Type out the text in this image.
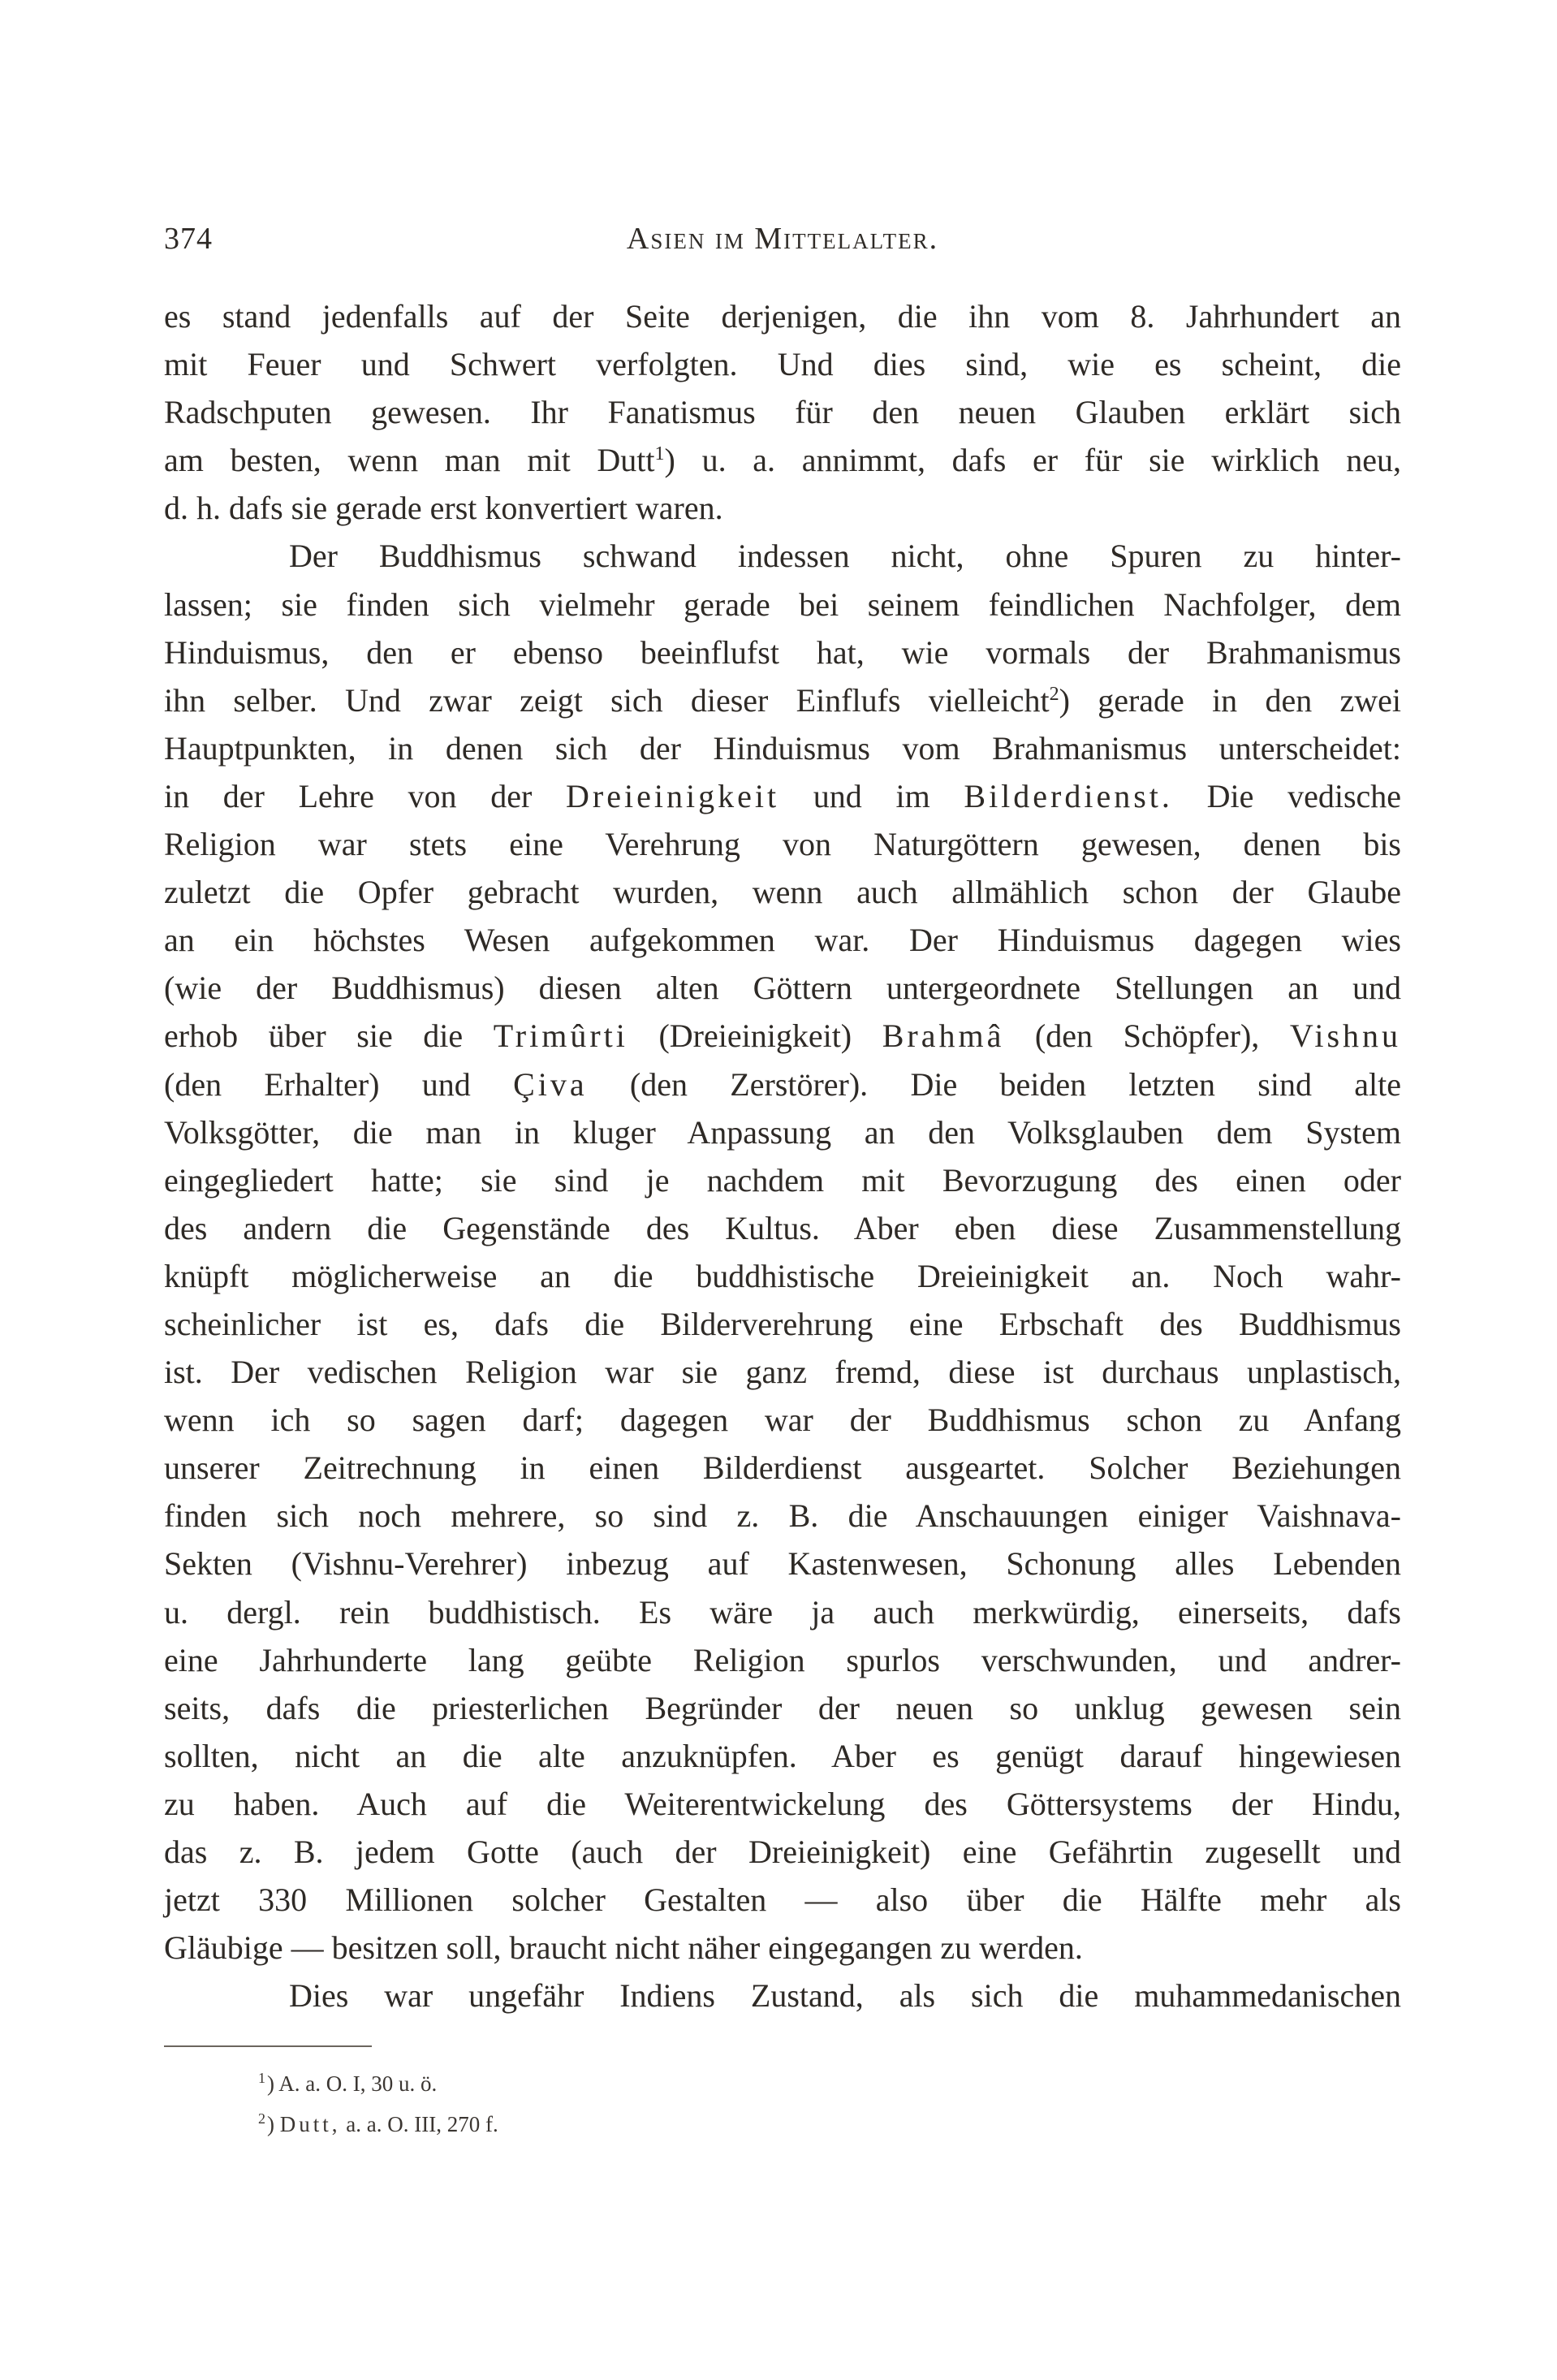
374	Asien im Mittelalter.
es stand jedenfalls auf der Seite derjenigen, die ihn vom 8. Jahrhundert an
mit Feuer und Schwert verfolgten. Und dies sind, wie es scheint, die
Radschputen gewesen. Ihr Fanatismus für den neuen Glauben erklärt sich
am besten, wenn man mit Dutt$^1$) u. a. annimmt, dafs er für sie wirklich neu,
d. h. dafs sie gerade erst konvertiert waren.
Der Buddhismus schwand indessen nicht, ohne Spuren zu hinter-
lassen; sie finden sich vielmehr gerade bei seinem feindlichen Nachfolger, dem
Hinduismus, den er ebenso beeinflufst hat, wie vormals der Brahmanismus
ihn selber. Und zwar zeigt sich dieser Einflufs vielleicht$^2$) gerade in den zwei
Hauptpunkten, in denen sich der Hinduismus vom Brahmanismus unterscheidet:
in der Lehre von der Dreieinigkeit und im Bilderdienst. Die vedische
Religion war stets eine Verehrung von Naturgöttern gewesen, denen bis
zuletzt die Opfer gebracht wurden, wenn auch allmählich schon der Glaube
an ein höchstes Wesen aufgekommen war. Der Hinduismus dagegen wies
(wie der Buddhismus) diesen alten Göttern untergeordnete Stellungen an und
erhob über sie die Trimûrti (Dreieinigkeit) Brahmâ (den Schöpfer), Vishnu
(den Erhalter) und Çiva (den Zerstörer). Die beiden letzten sind alte
Volksgötter, die man in kluger Anpassung an den Volksglauben dem System
eingegliedert hatte; sie sind je nachdem mit Bevorzugung des einen oder
des andern die Gegenstände des Kultus. Aber eben diese Zusammenstellung
knüpft möglicherweise an die buddhistische Dreieinigkeit an. Noch wahr-
scheinlicher ist es, dafs die Bilderverehrung eine Erbschaft des Buddhismus
ist. Der vedischen Religion war sie ganz fremd, diese ist durchaus unplastisch,
wenn ich so sagen darf; dagegen war der Buddhismus schon zu Anfang
unserer Zeitrechnung in einen Bilderdienst ausgeartet. Solcher Beziehungen
finden sich noch mehrere, so sind z. B. die Anschauungen einiger Vaishnava-
Sekten (Vishnu-Verehrer) inbezug auf Kastenwesen, Schonung alles Lebenden
u. dergl. rein buddhistisch. Es wäre ja auch merkwürdig, einerseits, dafs
eine Jahrhunderte lang geübte Religion spurlos verschwunden, und andrer-
seits, dafs die priesterlichen Begründer der neuen so unklug gewesen sein
sollten, nicht an die alte anzuknüpfen. Aber es genügt darauf hingewiesen
zu haben. Auch auf die Weiterentwickelung des Göttersystems der Hindu,
das z. B. jedem Gotte (auch der Dreieinigkeit) eine Gefährtin zugesellt und
jetzt 330 Millionen solcher Gestalten — also über die Hälfte mehr als
Gläubige — besitzen soll, braucht nicht näher eingegangen zu werden.
Dies war ungefähr Indiens Zustand, als sich die muhammedanischen
$^1$) A. a. O. I, 30 u. ö.
$^2$) Dutt, a. a. O. III, 270 f.
